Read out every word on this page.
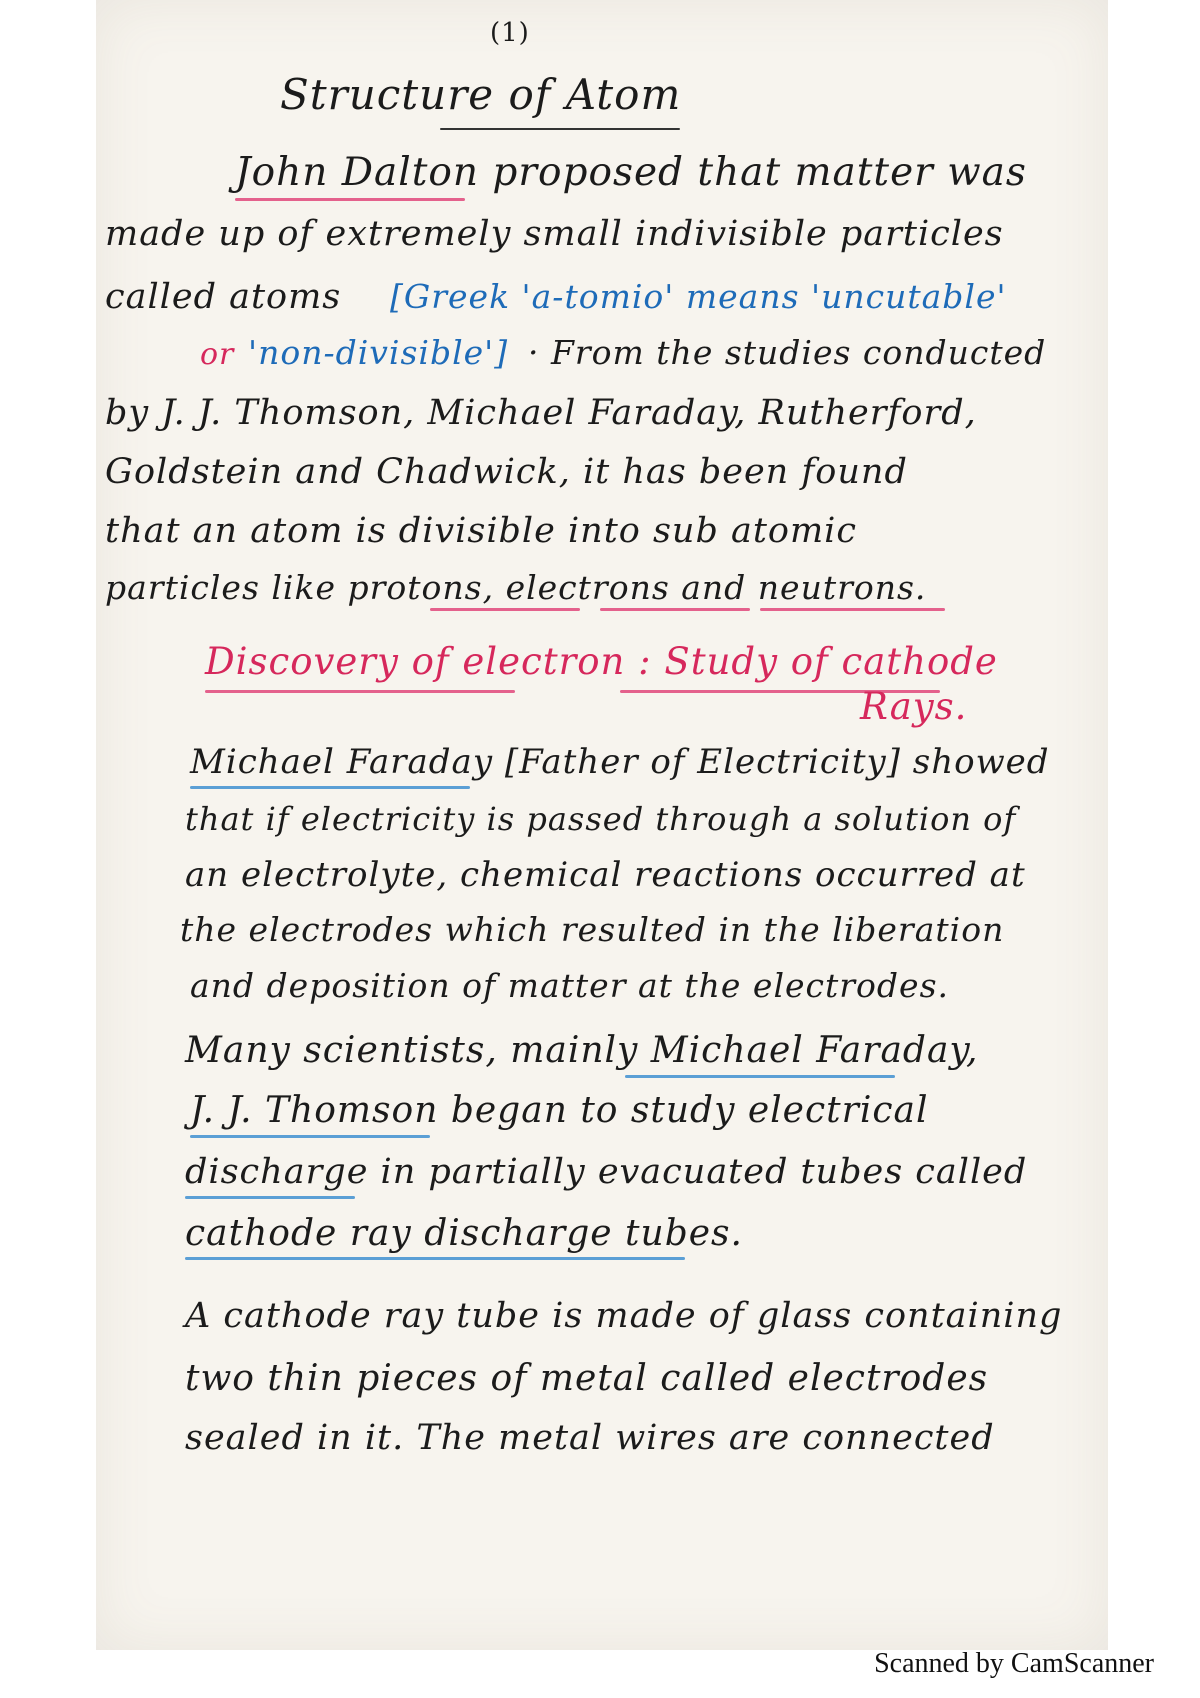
(1)
Structure of Atom
John Dalton proposed that matter was
made up of extremely small indivisible particles
called atoms [Greek 'a-tomio' means 'uncutable'
or 'non-divisible'] · From the studies conducted
by J. J. Thomson, Michael Faraday, Rutherford,
Goldstein and Chadwick, it has been found
that an atom is divisible into sub atomic
particles like protons, electrons and neutrons.
Discovery of electron : Study of cathode
Rays.
Michael Faraday [Father of Electricity] showed
that if electricity is passed through a solution of
an electrolyte, chemical reactions occurred at
the electrodes which resulted in the liberation
and deposition of matter at the electrodes.
Many scientists, mainly Michael Faraday,
J. J. Thomson began to study electrical
discharge in partially evacuated tubes called
cathode ray discharge tubes.
A cathode ray tube is made of glass containing
two thin pieces of metal called electrodes
sealed in it. The metal wires are connected
Scanned by CamScanner
